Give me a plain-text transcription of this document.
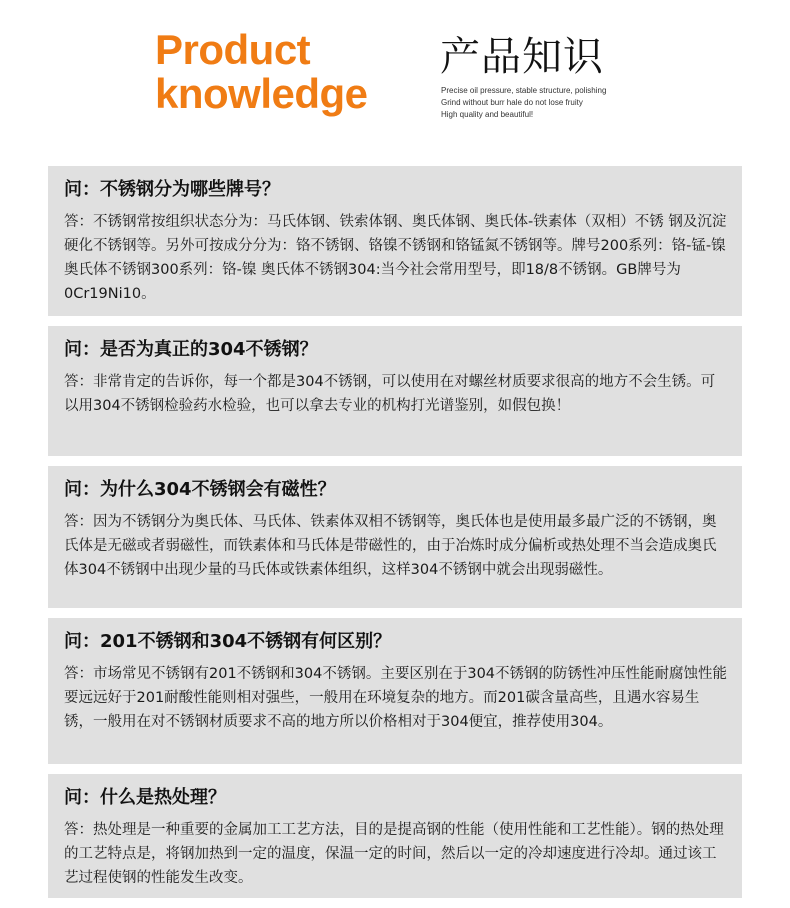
Product
knowledge
产品知识
Precise oil pressure, stable structure, polishing
Grind without burr hale do not lose fruity
High quality and beautiful!

问：不锈钢分为哪些牌号？

答：不锈钢常按组织状态分为：马氏体钢、铁索体钢、奥氏体钢、奥氏体-铁素体（双相）不锈 钢及沉淀硬化不锈钢等。另外可按成分分为：铬不锈钢、铬镍不锈钢和铬锰氮不锈钢等。牌号200系列：铬-锰-镍 奥氏体不锈钢300系列：铬-镍 奥氏体不锈钢304:当今社会常用型号，即18/8不锈钢。GB牌号为0Cr19Ni10。

问：是否为真正的304不锈钢？

答：非常肯定的告诉你，每一个都是304不锈钢，可以使用在对螺丝材质要求很高的地方不会生锈。可以用304不锈钢检验药水检验，也可以拿去专业的机构打光谱鉴别，如假包换！

问：为什么304不锈钢会有磁性？

答：因为不锈钢分为奥氏体、马氏体、铁素体双相不锈钢等，奥氏体也是使用最多最广泛的不锈钢，奥氏体是无磁或者弱磁性，而铁素体和马氏体是带磁性的，由于冶炼时成分偏析或热处理不当会造成奥氏体304不锈钢中出现少量的马氏体或铁素体组织，这样304不锈钢中就会出现弱磁性。

问：201不锈钢和304不锈钢有何区别？

答：市场常见不锈钢有201不锈钢和304不锈钢。主要区别在于304不锈钢的防锈性冲压性能耐腐蚀性能要远远好于201耐酸性能则相对强些，一般用在环境复杂的地方。而201碳含量高些，且遇水容易生锈，一般用在对不锈钢材质要求不高的地方所以价格相对于304便宜，推荐使用304。

问：什么是热处理？

答：热处理是一种重要的金属加工工艺方法，目的是提高钢的性能（使用性能和工艺性能）。钢的热处理的工艺特点是，将钢加热到一定的温度，保温一定的时间，然后以一定的冷却速度进行冷却。通过该工艺过程使钢的性能发生改变。
